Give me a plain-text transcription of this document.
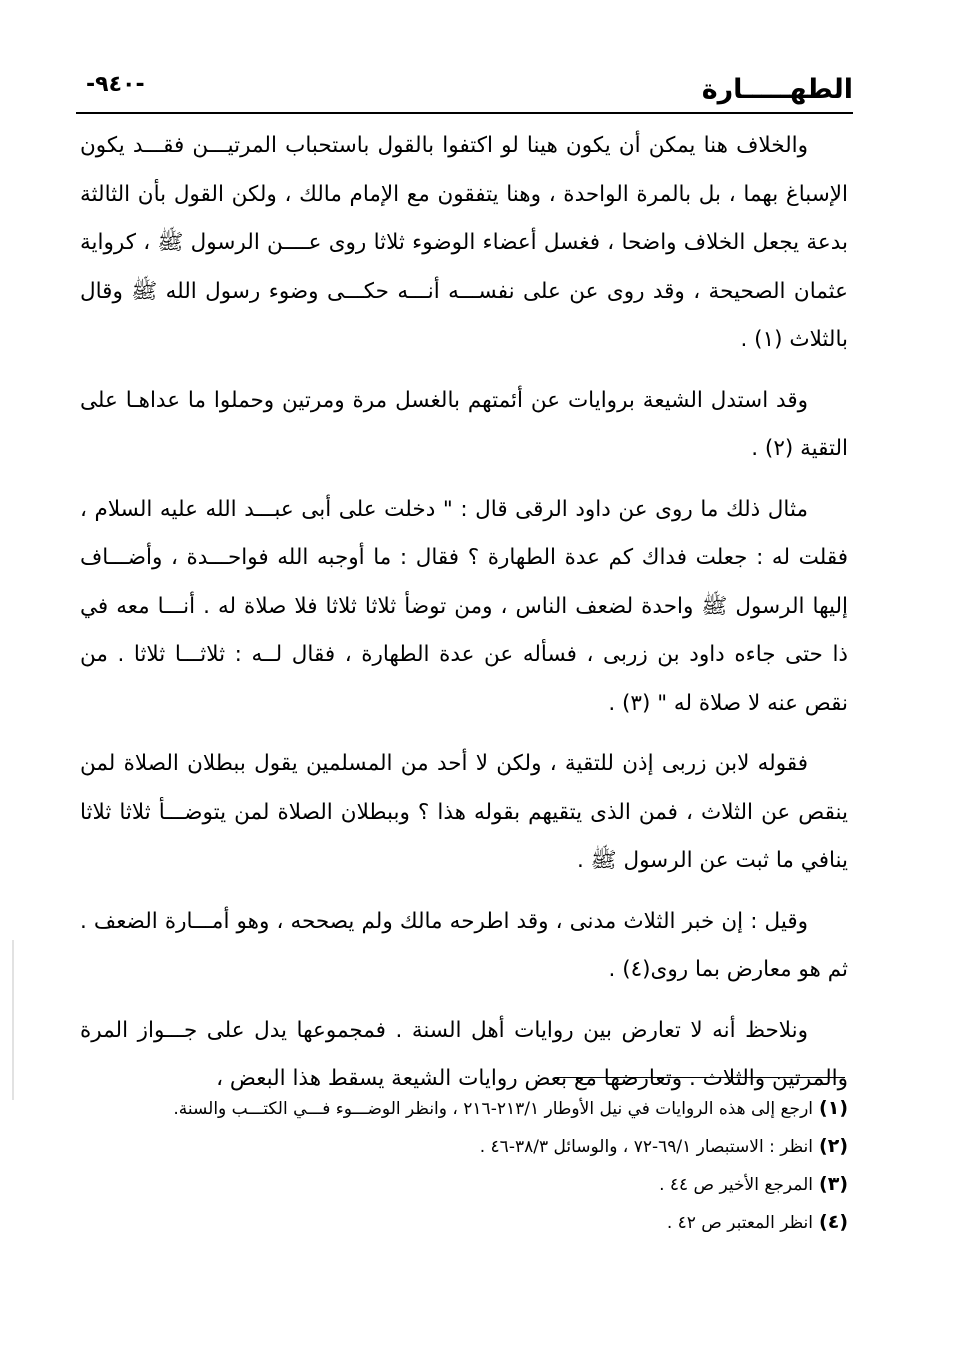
الطهـــــارة
-٩٤٠-

والخلاف هنا يمكن أن يكون هينا لو اكتفوا بالقول باستحباب المرتيـــن فقـــد يكون الإسباغ بهما ، بل بالمرة الواحدة ، وهنا يتفقون مع الإمام مالك ، ولكن القول بأن الثالثة بدعة يجعل الخلاف واضحا ، فغسل أعضاء الوضوء ثلاثا روى عــــن الرسول ﷺ ، كرواية عثمان الصحيحة ، وقد روى عن على نفســـه أنـــه حكـــى وضوء رسول الله ﷺ وقال بالثلاث (١) .

وقد استدل الشيعة بروايات عن أئمتهم بالغسل مرة ومرتين وحملوا ما عداهـا على التقية (٢) .

مثال ذلك ما روى عن داود الرقى قال : " دخلت على أبى عبـــد الله عليه السلام ، فقلت له : جعلت فداك كم عدة الطهارة ؟ فقال : ما أوجبه الله فواحـــدة ، وأضـــاف إليها الرسول ﷺ واحدة لضعف الناس ، ومن توضأ ثلاثا ثلاثا فلا صلاة له . أنـــا معه في ذا حتى جاءه داود بن زربى ، فسأله عن عدة الطهارة ، فقال لــه : ثلاثـــا ثلاثا . من نقص عنه لا صلاة له " (٣) .

فقوله لابن زربى إذن للتقية ، ولكن لا أحد من المسلمين يقول ببطلان الصلاة لمن ينقص عن الثلاث ، فمن الذى يتقيهم بقوله هذا ؟ وببطلان الصلاة لمن يتوضـــأ ثلاثا ثلاثا ينافي ما ثبت عن الرسول ﷺ .

وقيل : إن خبر الثلاث مدنى ، وقد اطرحه مالك ولم يصححه ، وهو أمـــارة الضعف . ثم هو معارض بما روى(٤) .

ونلاحظ أنه لا تعارض بين روايات أهل السنة . فمجموعها يدل على جـــواز المرة والمرتين والثلاث . وتعارضها مع بعض روايات الشيعة يسقط هذا البعض ،

(١)ارجع إلى هذه الروايات في نيل الأوطار ٢١٣/١-٢١٦ ، وانظر الوضـــوء فـــي الكتـــب والسنة.

(٢)انظر : الاستبصار ٦٩/١-٧٢ ، والوسائل ٣٨/٣-٤٦ .

(٣)المرجع الأخير ص ٤٤ .

(٤)انظر المعتبر ص ٤٢ .
